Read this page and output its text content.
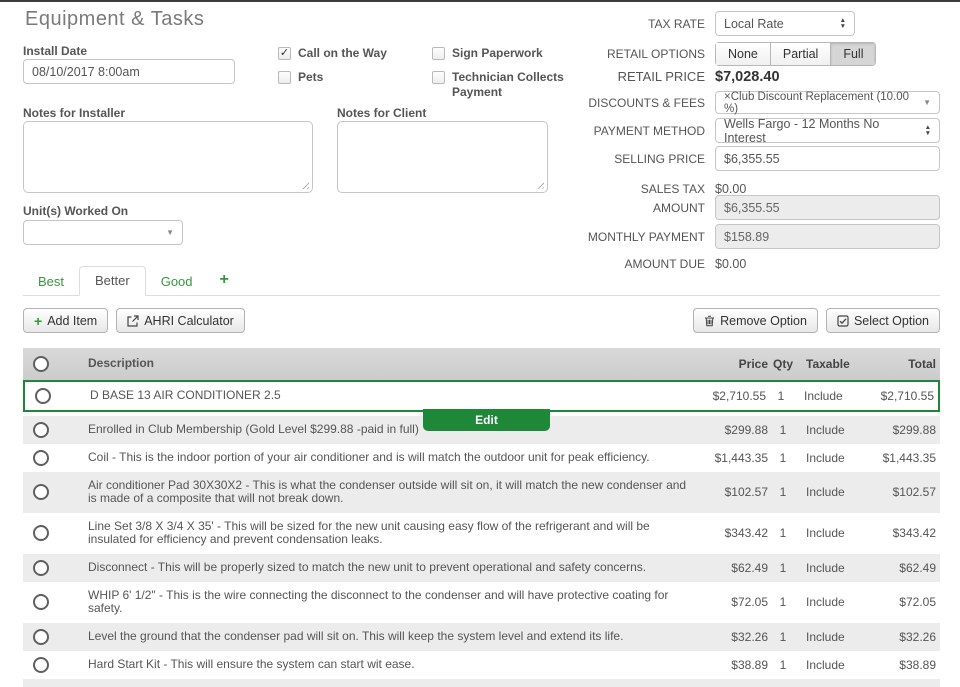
Equipment & Tasks
Install Date
08/10/2017 8:00am	✓ Call on the Way
Pets
Sign Paperwork
Technician Collects Payment
Notes for Installer	Notes for Client
Unit(s) Worked On
▼
TAX RATE Local Rate	▲
▼
RETAIL OPTIONS	None	Partial	Full
RETAIL PRICE $7,028.40
DISCOUNTS & FEES ×Club Discount Replacement (10.00 %)	▼
PAYMENT METHOD Wells Fargo - 12 Months No Interest
▲
▼
SELLING PRICE
$6,355.55
SALES TAX $0.00
AMOUNT
$6,355.55
MONTHLY PAYMENT
$158.89
AMOUNT DUE $0.00
Best	Better	Good	+
+ Add Item	AHRI Calculator	Remove Option	Select Option
Description	Price Qty	Taxable	Total
D BASE 13 AIR CONDITIONER 2.5	$2,710.55 1	Include	$2,710.55
Edit
Enrolled in Club Membership (Gold Level $299.88 -paid in full)	$299.88 1	Include	$299.88
Coil - This is the indoor portion of your air conditioner and is will match the outdoor unit for peak efficiency.	$1,443.35 1	Include	$1,443.35
Air conditioner Pad 30X30X2 - This is what the condenser outside will sit on, it will match the new condenser and is made of a composite that will not break down.	$102.57 1	Include	$102.57
Line Set 3/8 X 3/4 X 35' - This will be sized for the new unit causing easy flow of the refrigerant and will be insulated for efficiency and prevent condensation leaks.	$343.42 1	Include	$343.42
Disconnect - This will be properly sized to match the new unit to prevent operational and safety concerns.	$62.49 1	Include	$62.49
WHIP 6' 1/2" - This is the wire connecting the disconnect to the condenser and will have protective coating for safety.	$72.05 1	Include	$72.05
Level the ground that the condenser pad will sit on. This will keep the system level and extend its life.	$32.26 1	Include	$32.26
Hard Start Kit - This will ensure the system can start wit ease.	$38.89 1	Include	$38.89
